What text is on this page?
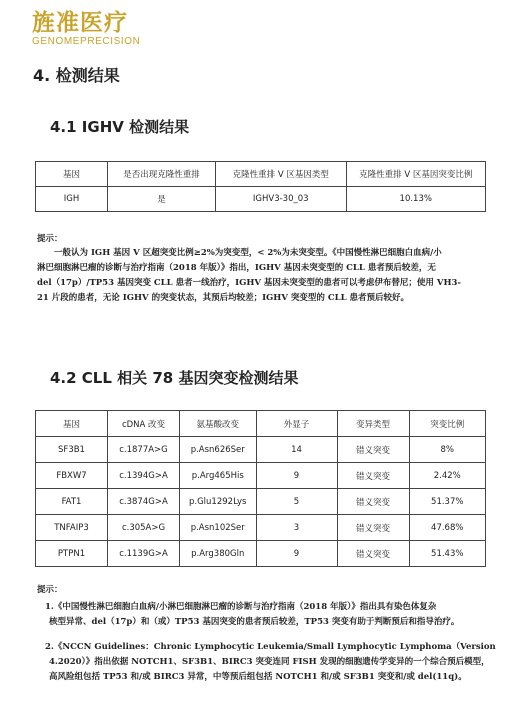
旌准医疗
GENOMEPRECISION
4. 检测结果
4.1 IGHV 检测结果
基因	是否出现克隆性重排	克隆性重排 V 区基因类型	克隆性重排 V 区基因突变比例
IGH	是	IGHV3-30_03	10.13%
提示：
一般认为 IGH 基因 V 区超突变比例≥2%为突变型，< 2%为未突变型。《中国慢性淋巴细胞白血病/小
淋巴细胞淋巴瘤的诊断与治疗指南（2018 年版）》指出，IGHV 基因未突变型的 CLL 患者预后较差，无
del（17p）/TP53 基因突变 CLL 患者一线治疗，IGHV 基因未突变型的患者可以考虑伊布替尼；使用 VH3-
21 片段的患者，无论 IGHV 的突变状态，其预后均较差；IGHV 突变型的 CLL 患者预后较好。
4.2 CLL 相关 78 基因突变检测结果
基因	cDNA 改变	氨基酸改变	外显子	变异类型	突变比例
SF3B1	c.1877A>G	p.Asn626Ser	14	错义突变	8%
FBXW7	c.1394G>A	p.Arg465His	9	错义突变	2.42%
FAT1	c.3874G>A	p.Glu1292Lys	5	错义突变	51.37%
TNFAIP3	c.305A>G	p.Asn102Ser	3	错义突变	47.68%
PTPN1	c.1139G>A	p.Arg380Gln	9	错义突变	51.43%
提示：
1.《中国慢性淋巴细胞白血病/小淋巴细胞淋巴瘤的诊断与治疗指南（2018 年版）》指出具有染色体复杂
核型异常、del（17p）和（或）TP53 基因突变的患者预后较差，TP53 突变有助于判断预后和指导治疗。
2.《NCCN Guidelines：Chronic Lymphocytic Leukemia/Small Lymphocytic Lymphoma（Version
4.2020）》指出依据 NOTCH1、SF3B1、BIRC3 突变连同 FISH 发现的细胞遗传学变异的一个综合预后模型，
高风险组包括 TP53 和/或 BIRC3 异常，中等预后组包括 NOTCH1 和/或 SF3B1 突变和/或 del(11q)。
